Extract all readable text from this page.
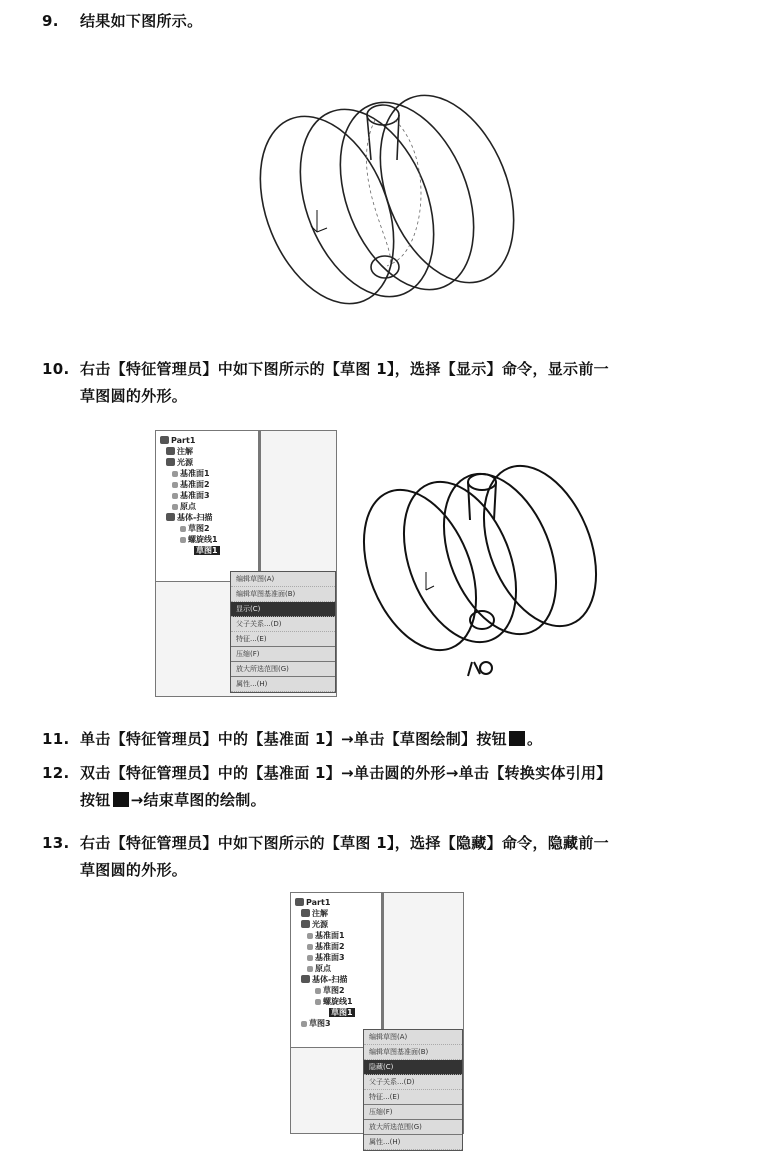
9. 结果如下图所示。
10. 右击【特征管理员】中如下图所示的【草图 1】，选择【显示】命令，显示前一
草图圆的外形。
Part1
注解
光源
基准面1
基准面2
基准面3
原点
基体-扫描
草图2
螺旋线1
草图1
编辑草图(A)
编辑草图基准面(B)
显示(C)
父子关系...(D)
特征...(E)
压缩(F)
放大所选范围(G)
属性...(H)
11. 单击【特征管理员】中的【基准面 1】→单击【草图绘制】按钮 。
12. 双击【特征管理员】中的【基准面 1】→单击圆的外形→单击【转换实体引用】
按钮 →结束草图的绘制。
13. 右击【特征管理员】中如下图所示的【草图 1】，选择【隐藏】命令，隐藏前一
草图圆的外形。
Part1
注解
光源
基准面1
基准面2
基准面3
原点
基体-扫描
草图2
螺旋线1
草图1
草图3
编辑草图(A)
编辑草图基准面(B)
隐藏(C)
父子关系...(D)
特征...(E)
压缩(F)
放大所选范围(G)
属性...(H)
